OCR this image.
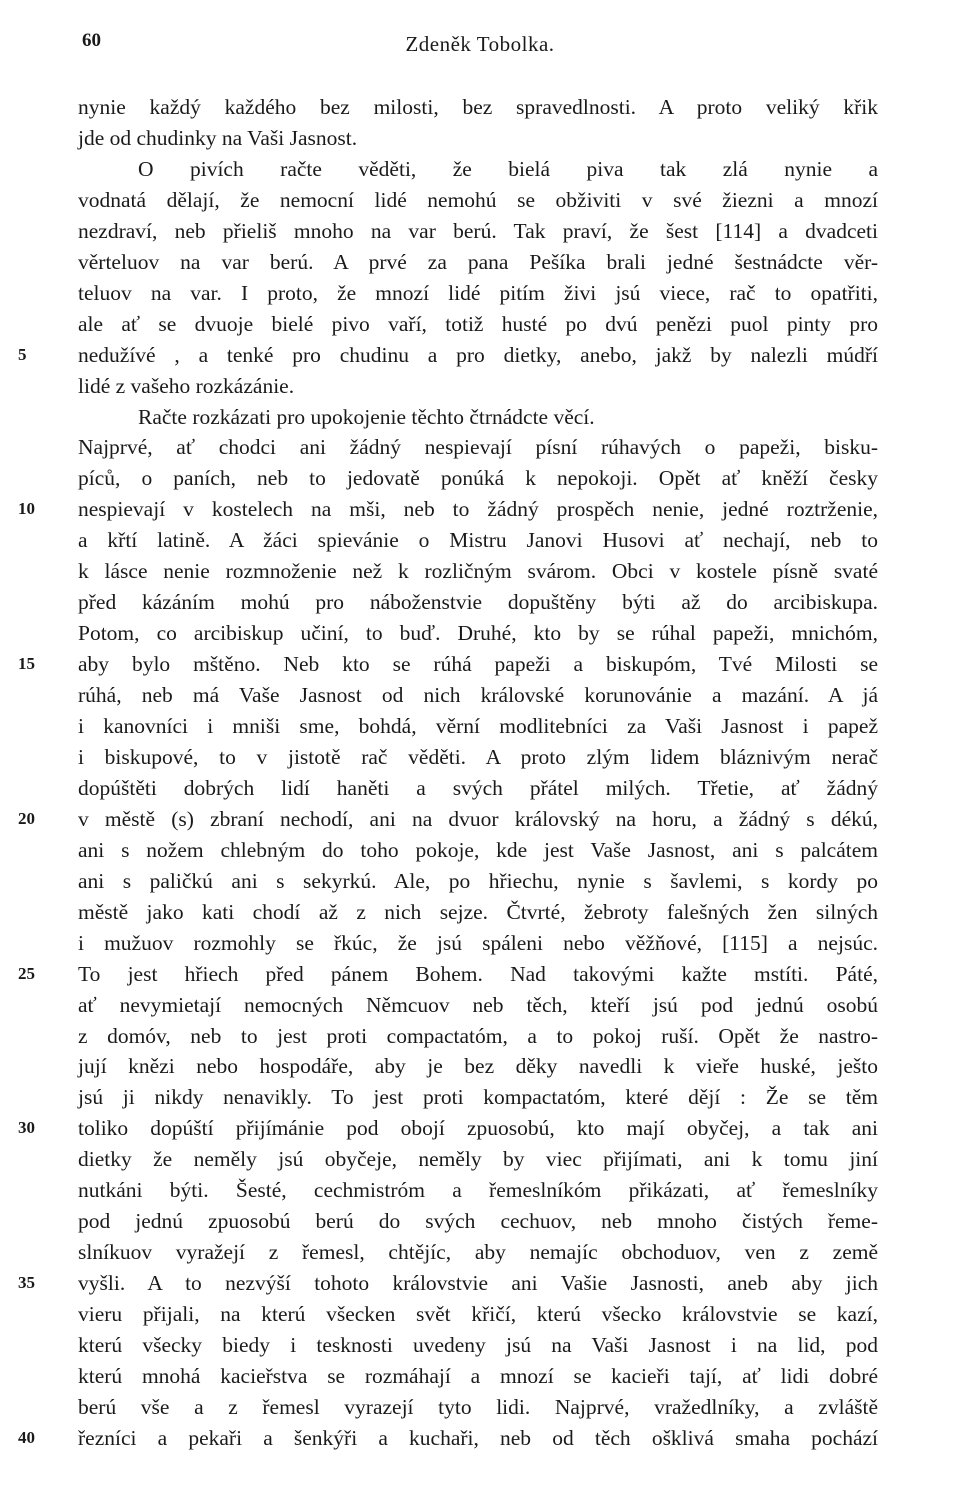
60	Zdeněk Tobolka.
nynie každý každého bez milosti, bez spravedlnosti. A proto veliký křik
jde od chudinky na Vaši Jasnost.
O pivích račte věděti, že bielá piva tak zlá nynie a
vodnatá dělají, že nemocní lidé nemohú se obživiti v své žiezni a mnozí
nezdraví, neb přieliš mnoho na var berú. Tak praví, že šest [114] a dvadceti
věrteluov na var berú. A prvé za pana Pešíka brali jedné šestnádcte věr-
teluov na var. I proto, že mnozí lidé pitím živi jsú viece, rač to opatřiti,
ale ať se dvuoje bielé pivo vaří, totiž husté po dvú penězi puol pinty pro
nedužívé , a tenké pro chudinu a pro dietky, anebo, jakž by nalezli múdří
lidé z vašeho rozkázánie.
Račte rozkázati pro upokojenie těchto čtrnádcte věcí.
Najprvé, ať chodci ani žádný nespievají písní rúhavých o papeži, bisku-
píců, o paních, neb to jedovatě ponúká k nepokoji. Opět ať kněží česky
nespievají v kostelech na mši, neb to žádný prospěch nenie, jedné roztrženie,
a křtí latině. A žáci spievánie o Mistru Janovi Husovi ať nechají, neb to
k lásce nenie rozmnoženie než k rozličným svárom. Obci v kostele písně svaté
před kázáním mohú pro náboženstvie dopuštěny býti až do arcibiskupa.
Potom, co arcibiskup učiní, to buď. Druhé, kto by se rúhal papeži, mnichóm,
aby bylo mštěno. Neb kto se rúhá papeži a biskupóm, Tvé Milosti se
rúhá, neb má Vaše Jasnost od nich královské korunovánie a mazání. A já
i kanovníci i mniši sme, bohdá, věrní modlitebníci za Vaši Jasnost i papež
i biskupové, to v jistotě rač věděti. A proto zlým lidem bláznivým nerač
dopúštěti dobrých lidí haněti a svých přátel milých. Třetie, ať žádný
v městě (s) zbraní nechodí, ani na dvuor královský na horu, a žádný s dékú,
ani s nožem chlebným do toho pokoje, kde jest Vaše Jasnost, ani s palcátem
ani s paličkú ani s sekyrkú. Ale, po hřiechu, nynie s šavlemi, s kordy po
městě jako kati chodí až z nich sejze. Čtvrté, žebroty falešných žen silných
i mužuov rozmohly se řkúc, že jsú spáleni nebo věžňové, [115] a nejsúc.
To jest hřiech před pánem Bohem. Nad takovými kažte mstíti. Páté,
ať nevymietají nemocných Němcuov neb těch, kteří jsú pod jednú osobú
z domóv, neb to jest proti compactatóm, a to pokoj ruší. Opět že nastro-
jují knězi nebo hospodáře, aby je bez děky navedli k vieře huské, ješto
jsú ji nikdy nenavikly. To jest proti kompactatóm, které dějí : Že se těm
toliko dopúští přijímánie pod obojí zpuosobú, kto mají obyčej, a tak ani
dietky že neměly jsú obyčeje, neměly by viec přijímati, ani k tomu jiní
nutkáni býti. Šesté, cechmistróm a řemeslníkóm přikázati, ať řemeslníky
pod jednú zpuosobú berú do svých cechuov, neb mnoho čistých řeme-
slníkuov vyražejí z řemesl, chtějíc, aby nemajíc obchoduov, ven z země
vyšli. A to nezvýší tohoto královstvie ani Vašie Jasnosti, aneb aby jich
vieru přijali, na kterú všecken svět křičí, kterú všecko královstvie se kazí,
kterú všecky biedy i tesknosti uvedeny jsú na Vaši Jasnost i na lid, pod
kterú mnohá kacieřstva se rozmáhají a mnozí se kacieři tají, ať lidi dobré
berú vše a z řemesl vyrazejí tyto lidi. Najprvé, vražedlníky, a zvláště
řezníci a pekaři a šenkýři a kuchaři, neb od těch ošklivá smaha pochází
5
10
15
20
25
30
35
40
